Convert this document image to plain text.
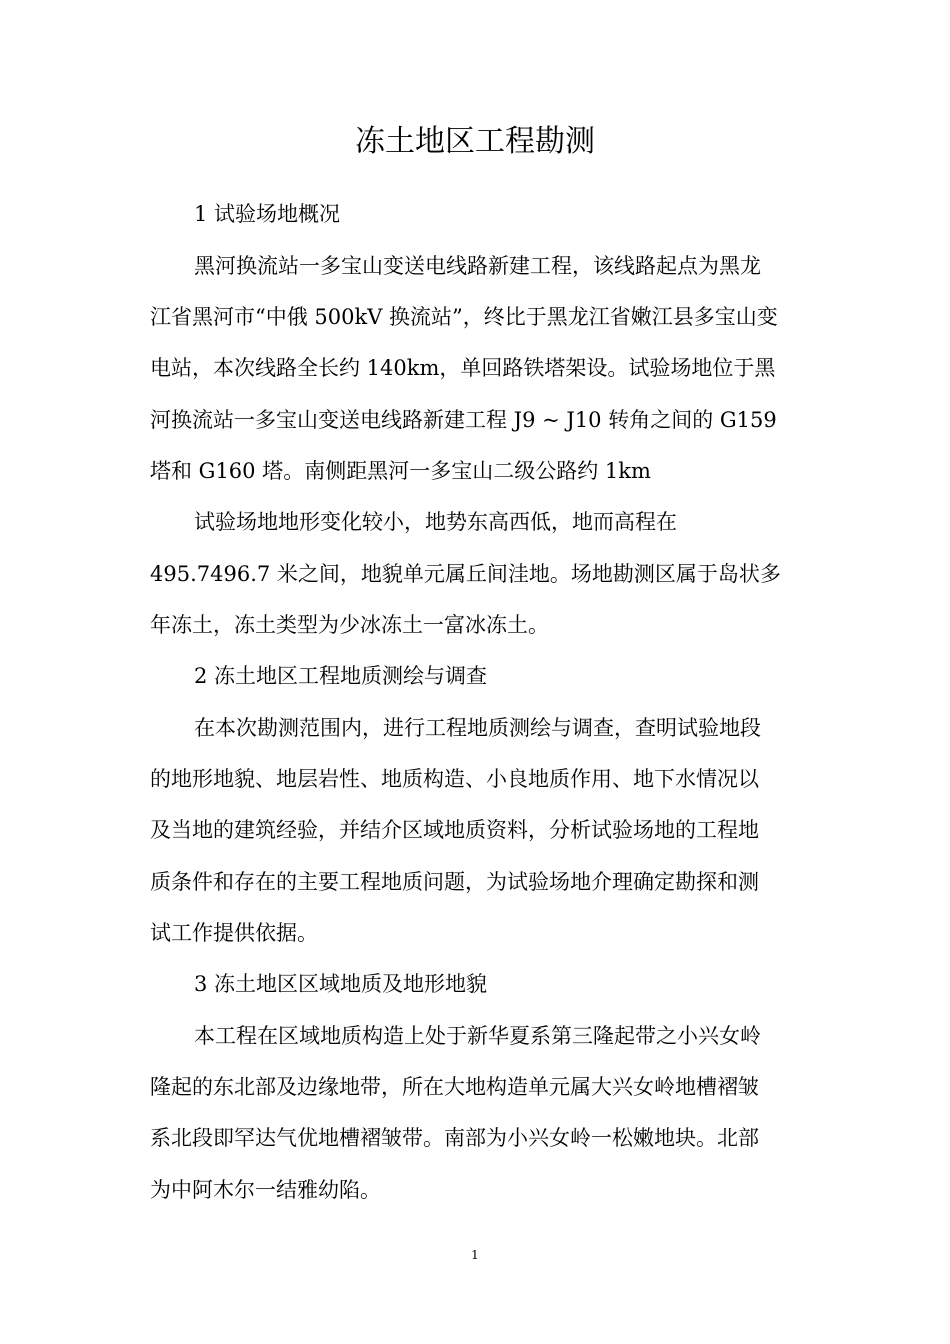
冻土地区工程勘测

1 试验场地概况

黑河换流站一多宝山变送电线路新建工程，该线路起点为黑龙

江省黑河市“中俄 500kV 换流站”，终比于黑龙江省嫩江县多宝山变

电站，本次线路全长约 140km，单回路铁塔架设。试验场地位于黑

河换流站一多宝山变送电线路新建工程 J9 ~ J10 转角之间的 G159

塔和 G160 塔。南侧距黑河一多宝山二级公路约 1km

试验场地地形变化较小，地势东高西低，地而高程在

495.7496.7 米之间，地貌单元属丘间洼地。场地勘测区属于岛状多

年冻土，冻土类型为少冰冻土一富冰冻土。

2 冻土地区工程地质测绘与调查

在本次勘测范围内，进行工程地质测绘与调查，查明试验地段

的地形地貌、地层岩性、地质构造、小良地质作用、地下水情况以

及当地的建筑经验，并结介区域地质资料，分析试验场地的工程地

质条件和存在的主要工程地质问题，为试验场地介理确定勘探和测

试工作提供依据。

3 冻土地区区域地质及地形地貌

本工程在区域地质构造上处于新华夏系第三隆起带之小兴女岭

隆起的东北部及边缘地带，所在大地构造单元属大兴女岭地槽褶皱

系北段即罕达气优地槽褶皱带。南部为小兴女岭一松嫩地块。北部

为中阿木尔一结雅幼陷。

1
